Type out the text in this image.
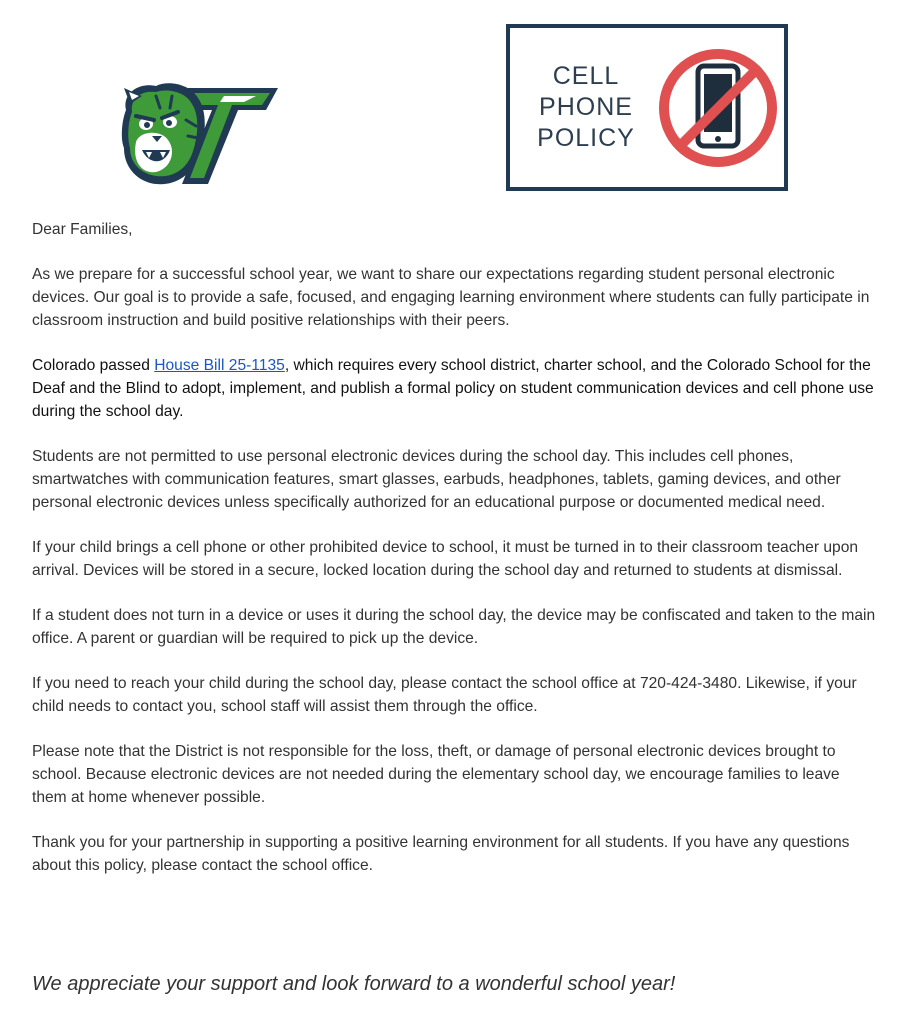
CELL
PHONE
POLICY

Dear Families,

As we prepare for a successful school year, we want to share our expectations regarding student personal electronic devices. Our goal is to provide a safe, focused, and engaging learning environment where students can fully participate in classroom instruction and build positive relationships with their peers.

Colorado passed House Bill 25-1135, which requires every school district, charter school, and the Colorado School for the Deaf and the Blind to adopt, implement, and publish a formal policy on student communication devices and cell phone use during the school day.

Students are not permitted to use personal electronic devices during the school day. This includes cell phones, smartwatches with communication features, smart glasses, earbuds, headphones, tablets, gaming devices, and other personal electronic devices unless specifically authorized for an educational purpose or documented medical need.

If your child brings a cell phone or other prohibited device to school, it must be turned in to their classroom teacher upon arrival. Devices will be stored in a secure, locked location during the school day and returned to students at dismissal.

If a student does not turn in a device or uses it during the school day, the device may be confiscated and taken to the main office. A parent or guardian will be required to pick up the device.

If you need to reach your child during the school day, please contact the school office at 720-424-3480. Likewise, if your child needs to contact you, school staff will assist them through the office.

Please note that the District is not responsible for the loss, theft, or damage of personal electronic devices brought to school. Because electronic devices are not needed during the elementary school day, we encourage families to leave them at home whenever possible.

Thank you for your partnership in supporting a positive learning environment for all students. If you have any questions about this policy, please contact the school office.

We appreciate your support and look forward to a wonderful school year!
